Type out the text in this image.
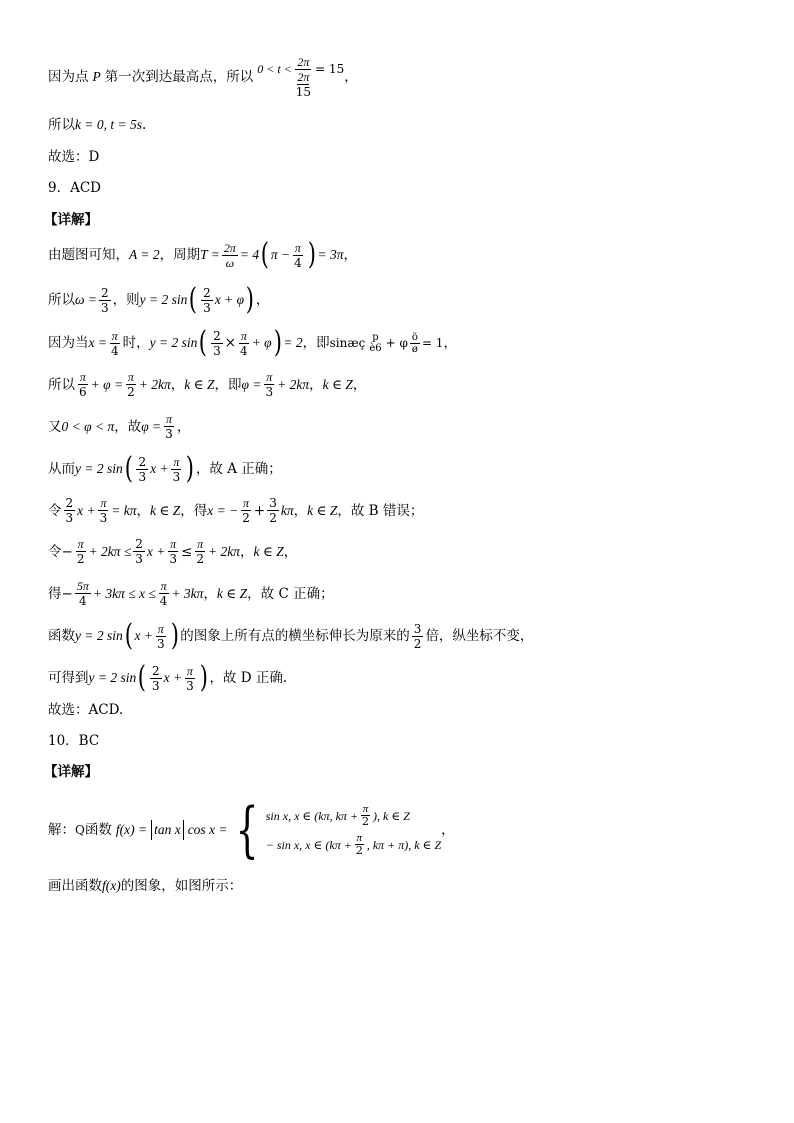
因为点 P 第一次到达最高点，所以 $0 < t < \frac{2\pi}{\frac{2\pi}{15}} = 15$ ，
所以 k = 0, t = 5s .
故选：D
9．ACD
【详解】
由题图可知， A = 2 ，周期 $T = \frac{2\pi}{\omega} = 4$ ( $\pi - \frac{\pi}{4}$ ) = 3π ，
所以 $\omega = \frac{2}{3}$ ，则 y = 2 sin ( $\frac{2}{3}$ x + φ ) ，
因为当 $x = \frac{\pi}{4}$ 时， y = 2 sin ( $\frac{2}{3} \times \frac{\pi}{4} + \varphi$ ) = 2 ，即 sinæç p
è6 + φ $\frac{ö}{ø} = 1$ ，
所以 $\frac{\pi}{6} + \varphi = \frac{\pi}{2} + 2k\pi$ ， k ∈ Z ，即 $\varphi = \frac{\pi}{3} + 2k\pi$ ， k ∈ Z ，
又 0 < φ < π ，故 $\varphi = \frac{\pi}{3}$ ，
从而 y = 2 sin ( $\frac{2}{3}$ $x + \frac{\pi}{3}$ ) ，故 A 正确；
令 $\frac{2}{3}$ $x + \frac{\pi}{3} = k\pi$ ， k ∈ Z ，得 x = − $\frac{\pi}{2} + \frac{3}{2}$ kπ ， k ∈ Z ，故 B 错误；
令 − $\frac{\pi}{2} + 2k\pi \le \frac{2}{3}$ $x + \frac{\pi}{3} \le \frac{\pi}{2} + 2k\pi$ ， k ∈ Z ，
得 − $\frac{5\pi}{4} + 3k\pi \le x \le \frac{\pi}{4} + 3k\pi$ ， k ∈ Z ，故 C 正确；
函数 y = 2 sin ( $x + \frac{\pi}{3}$ ) 的图象上所有点的横坐标伸长为原来的 $\frac{3}{2}$ 倍，纵坐标不变，
可得到 y = 2 sin ( $\frac{2}{3}$ $x + \frac{\pi}{3}$ ) ，故 D 正确.
故选：ACD.
10．BC
【详解】
解： Q 函数 f(x) = tan x cos x = { sin x, x ∈ (kπ, $k\pi + \frac{\pi}{2}$ ), k ∈ Z
− sin x, x ∈ ($k\pi + \frac{\pi}{2}$ , kπ + π), k ∈ Z
，
画出函数 f(x) 的图象，如图所示：
